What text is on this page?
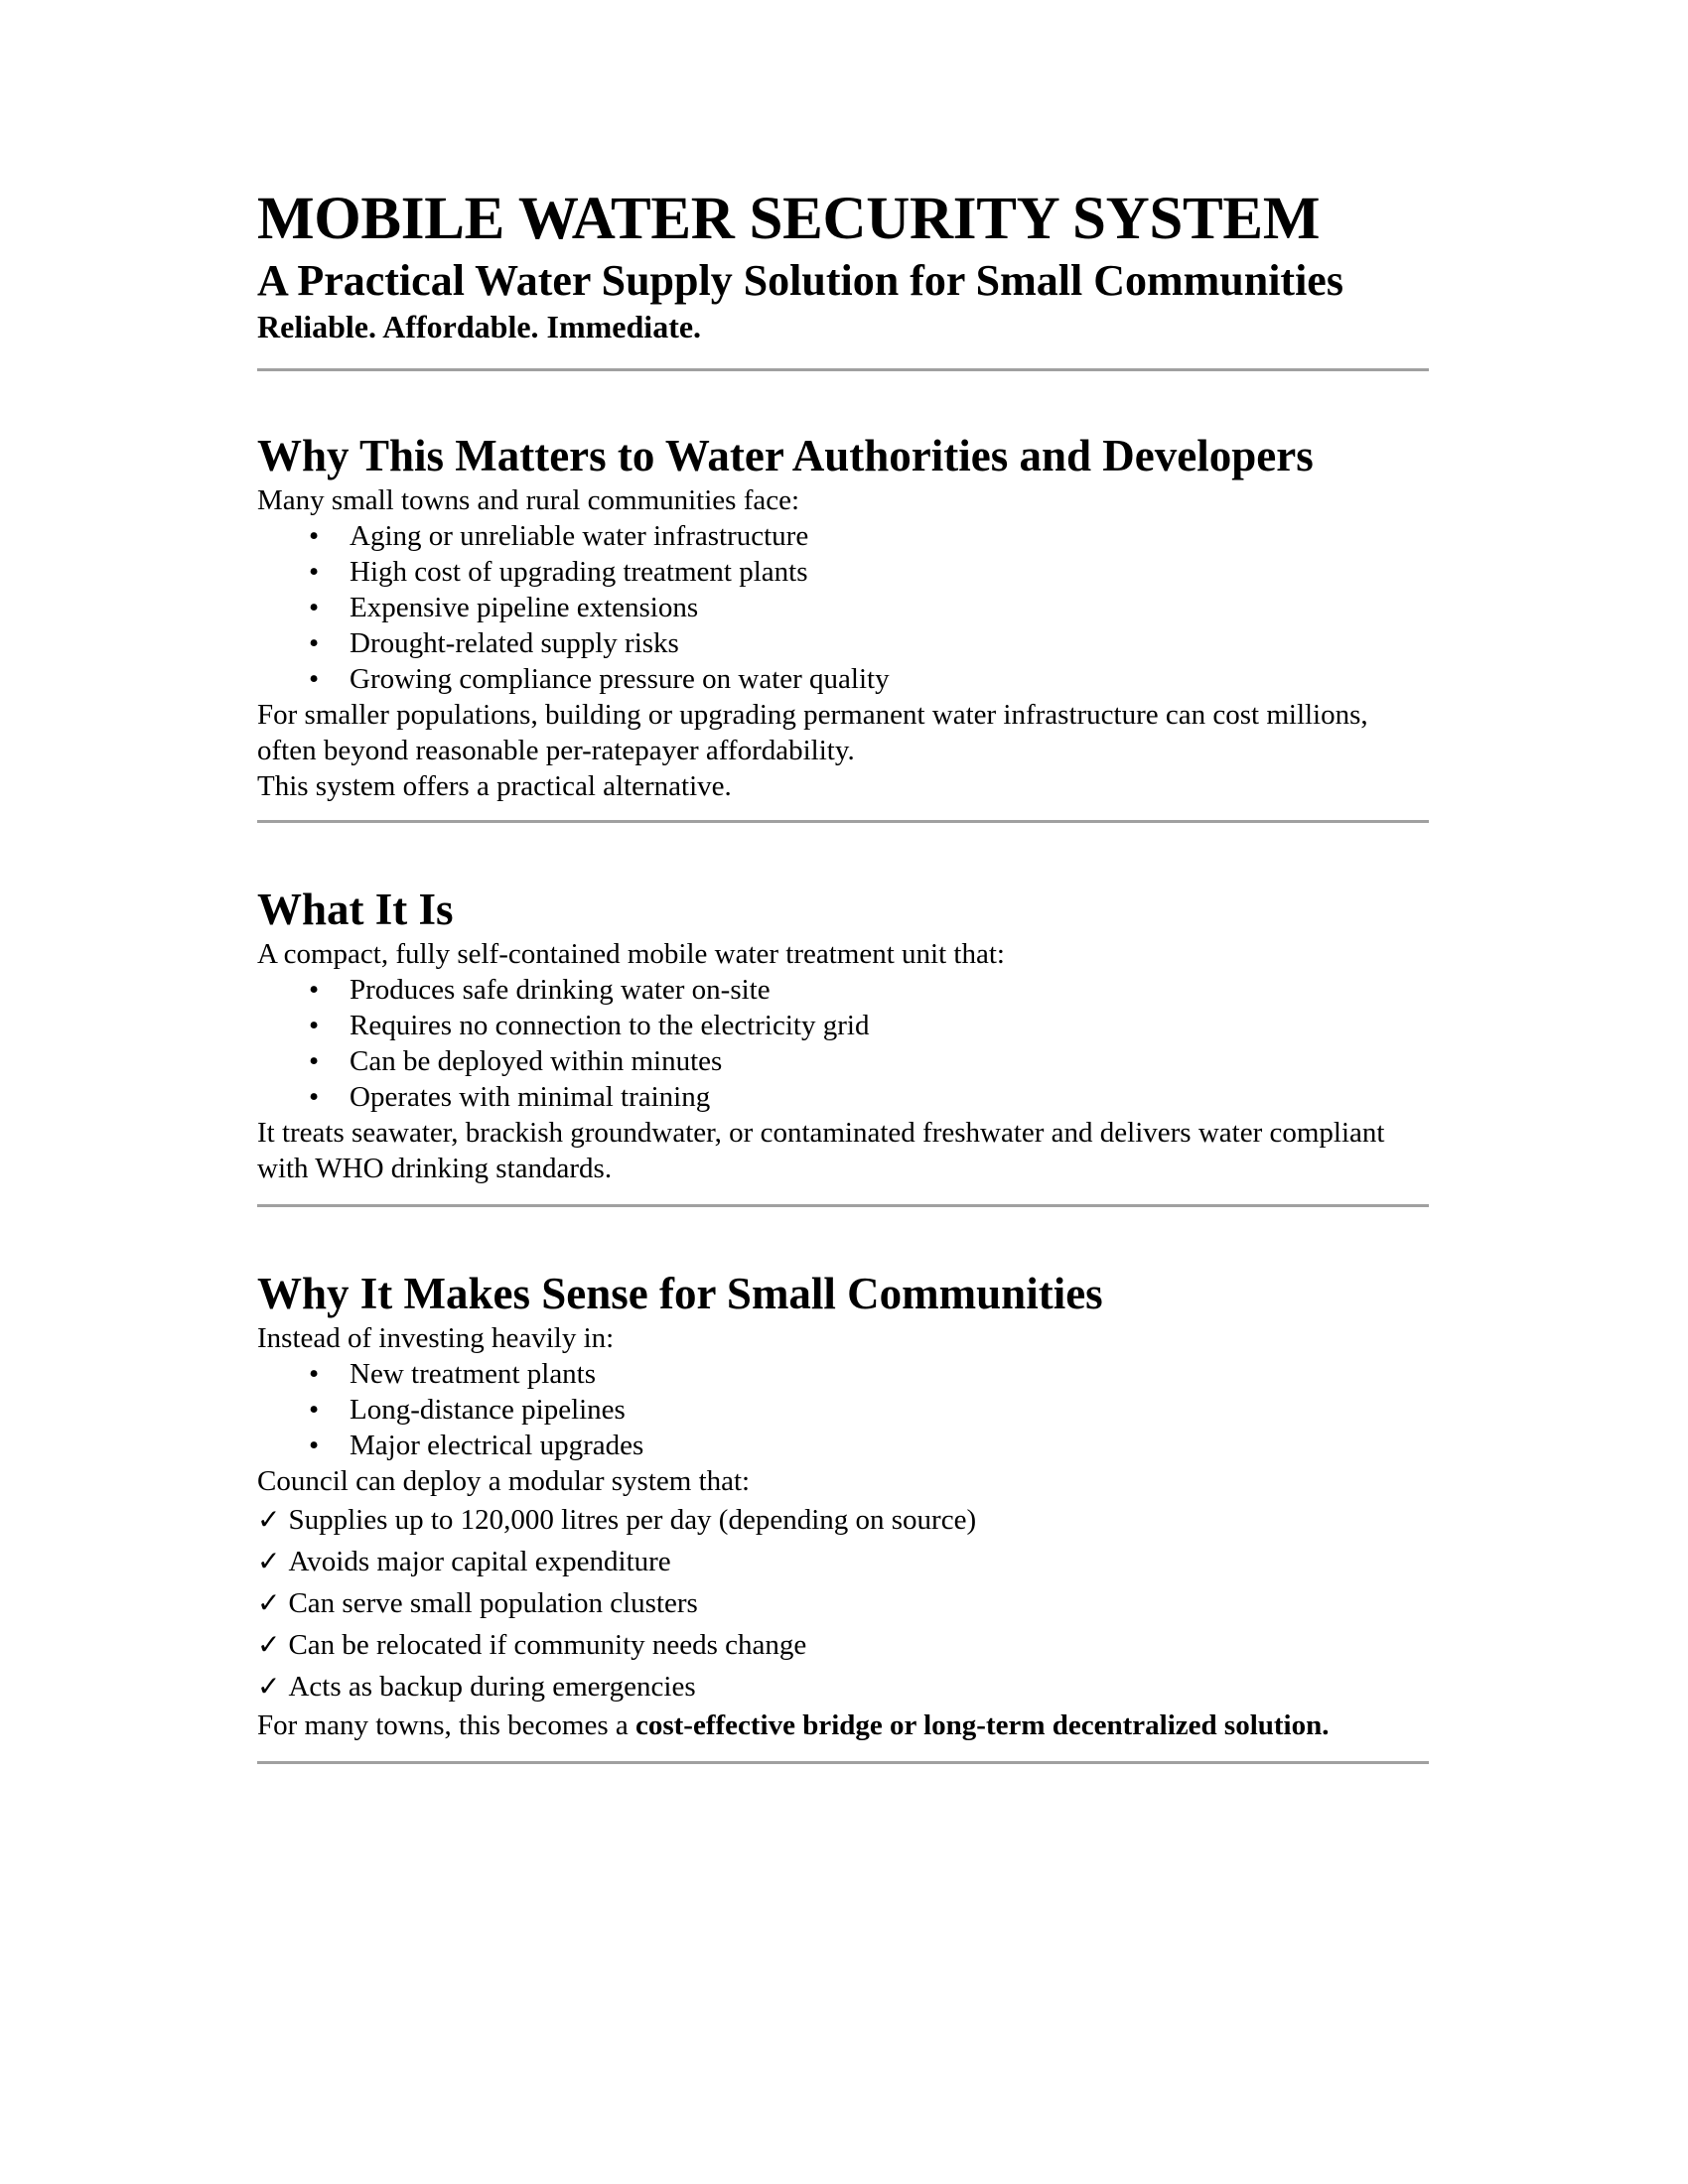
MOBILE WATER SECURITY SYSTEM

A Practical Water Supply Solution for Small Communities

Reliable. Affordable. Immediate.

Why This Matters to Water Authorities and Developers

Many small towns and rural communities face:

• Aging or unreliable water infrastructure
• High cost of upgrading treatment plants
• Expensive pipeline extensions
• Drought-related supply risks
• Growing compliance pressure on water quality

For smaller populations, building or upgrading permanent water infrastructure can cost millions, often beyond reasonable per-ratepayer affordability.

This system offers a practical alternative.

What It Is

A compact, fully self-contained mobile water treatment unit that:

• Produces safe drinking water on-site
• Requires no connection to the electricity grid
• Can be deployed within minutes
• Operates with minimal training

It treats seawater, brackish groundwater, or contaminated freshwater and delivers water compliant with WHO drinking standards.

Why It Makes Sense for Small Communities

Instead of investing heavily in:

• New treatment plants
• Long-distance pipelines
• Major electrical upgrades

Council can deploy a modular system that:

✓ Supplies up to 120,000 litres per day (depending on source)
✓ Avoids major capital expenditure
✓ Can serve small population clusters
✓ Can be relocated if community needs change
✓ Acts as backup during emergencies

For many towns, this becomes a cost-effective bridge or long-term decentralized solution.
